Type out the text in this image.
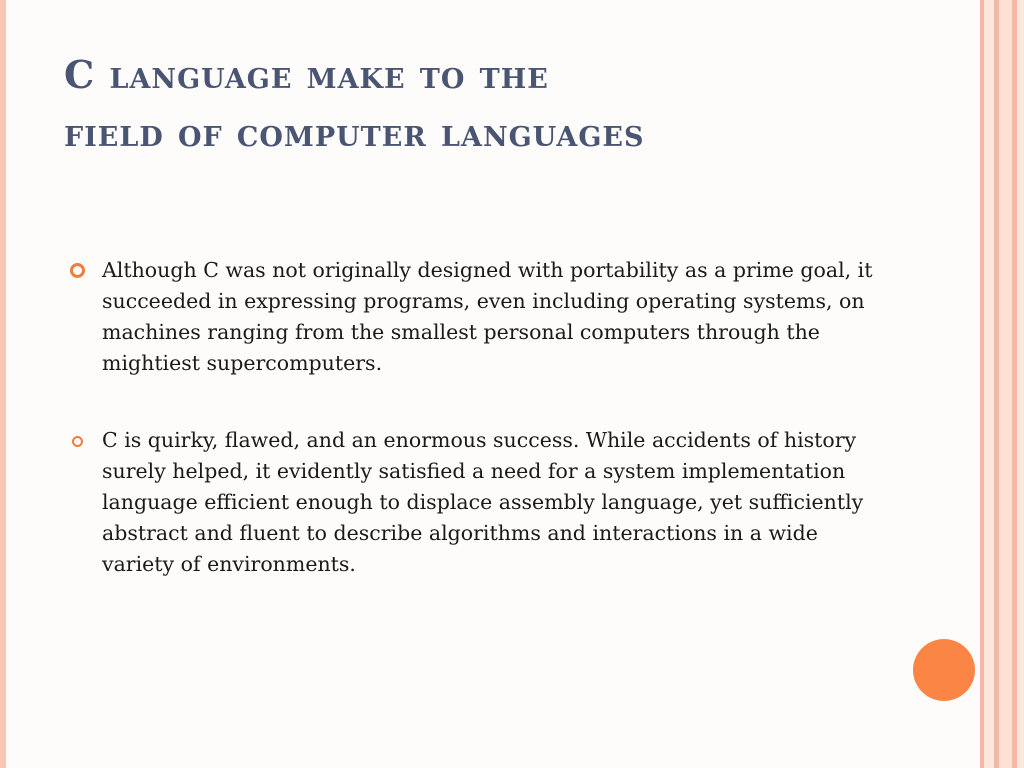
C language make to the
field of computer languages
Although C was not originally designed with portability as a prime goal, it succeeded in expressing programs, even including operating systems, on machines ranging from the smallest personal computers through the mightiest supercomputers.
C is quirky, flawed, and an enormous success. While accidents of history surely helped, it evidently satisfied a need for a system implementation language efficient enough to displace assembly language, yet sufficiently abstract and fluent to describe algorithms and interactions in a wide variety of environments.
